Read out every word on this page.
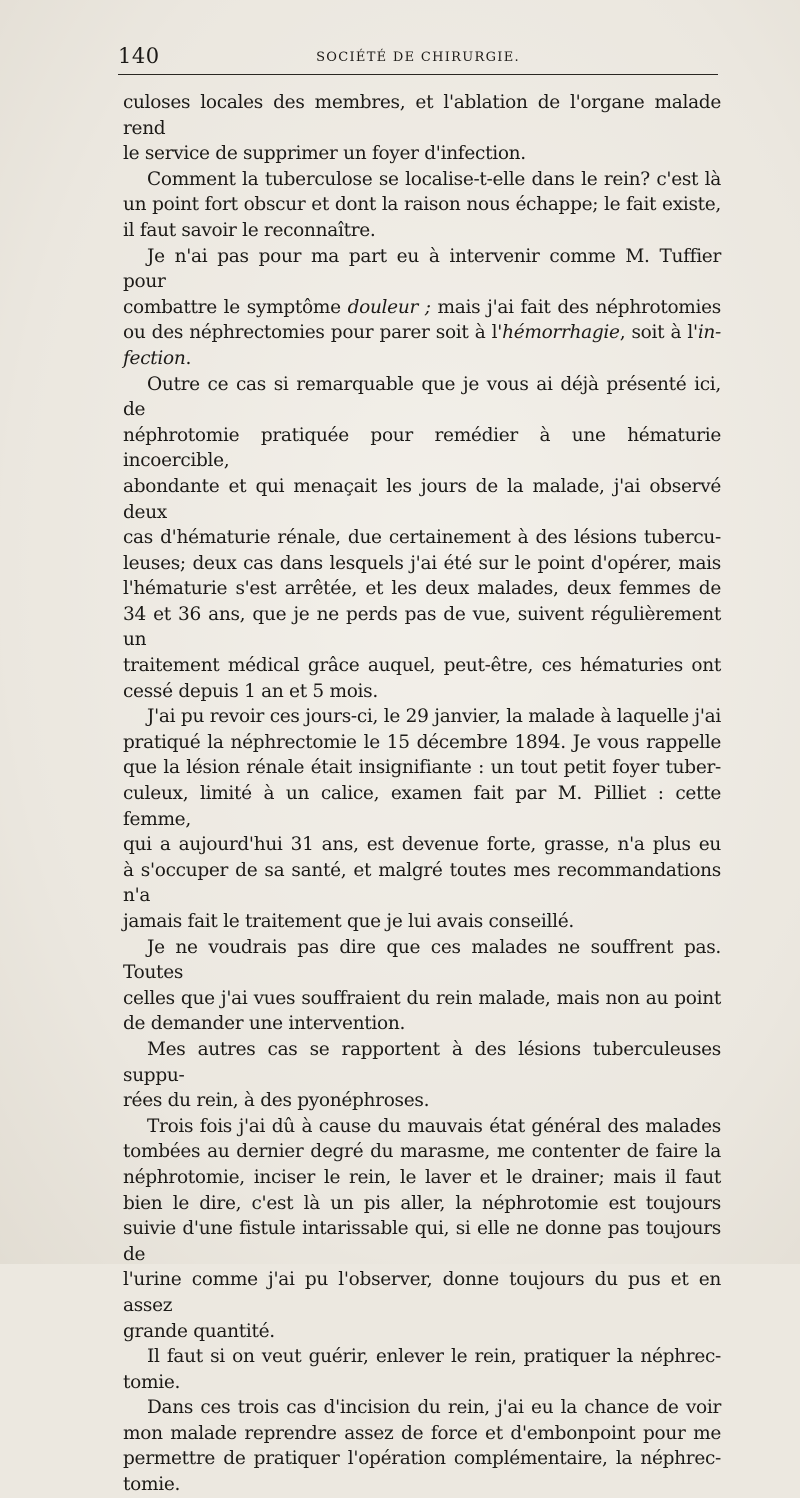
140	SOCIÉTÉ DE CHIRURGIE.

culoses locales des membres, et l'ablation de l'organe malade rend

le service de supprimer un foyer d'infection.

Comment la tuberculose se localise-t-elle dans le rein? c'est là

un point fort obscur et dont la raison nous échappe; le fait existe,

il faut savoir le reconnaître.

Je n'ai pas pour ma part eu à intervenir comme M. Tuffier pour

combattre le symptôme douleur ; mais j'ai fait des néphrotomies

ou des néphrectomies pour parer soit à l'hémorrhagie, soit à l'in-

fection.

Outre ce cas si remarquable que je vous ai déjà présenté ici, de

néphrotomie pratiquée pour remédier à une hématurie incoercible,

abondante et qui menaçait les jours de la malade, j'ai observé deux

cas d'hématurie rénale, due certainement à des lésions tubercu-

leuses; deux cas dans lesquels j'ai été sur le point d'opérer, mais

l'hématurie s'est arrêtée, et les deux malades, deux femmes de

34 et 36 ans, que je ne perds pas de vue, suivent régulièrement un

traitement médical grâce auquel, peut-être, ces hématuries ont

cessé depuis 1 an et 5 mois.

J'ai pu revoir ces jours-ci, le 29 janvier, la malade à laquelle j'ai

pratiqué la néphrectomie le 15 décembre 1894. Je vous rappelle

que la lésion rénale était insignifiante : un tout petit foyer tuber-

culeux, limité à un calice, examen fait par M. Pilliet : cette femme,

qui a aujourd'hui 31 ans, est devenue forte, grasse, n'a plus eu

à s'occuper de sa santé, et malgré toutes mes recommandations n'a

jamais fait le traitement que je lui avais conseillé.

Je ne voudrais pas dire que ces malades ne souffrent pas. Toutes

celles que j'ai vues souffraient du rein malade, mais non au point

de demander une intervention.

Mes autres cas se rapportent à des lésions tuberculeuses suppu-

rées du rein, à des pyonéphroses.

Trois fois j'ai dû à cause du mauvais état général des malades

tombées au dernier degré du marasme, me contenter de faire la

néphrotomie, inciser le rein, le laver et le drainer; mais il faut

bien le dire, c'est là un pis aller, la néphrotomie est toujours

suivie d'une fistule intarissable qui, si elle ne donne pas toujours de

l'urine comme j'ai pu l'observer, donne toujours du pus et en assez

grande quantité.

Il faut si on veut guérir, enlever le rein, pratiquer la néphrec-

tomie.

Dans ces trois cas d'incision du rein, j'ai eu la chance de voir

mon malade reprendre assez de force et d'embonpoint pour me

permettre de pratiquer l'opération complémentaire, la néphrec-

tomie.
